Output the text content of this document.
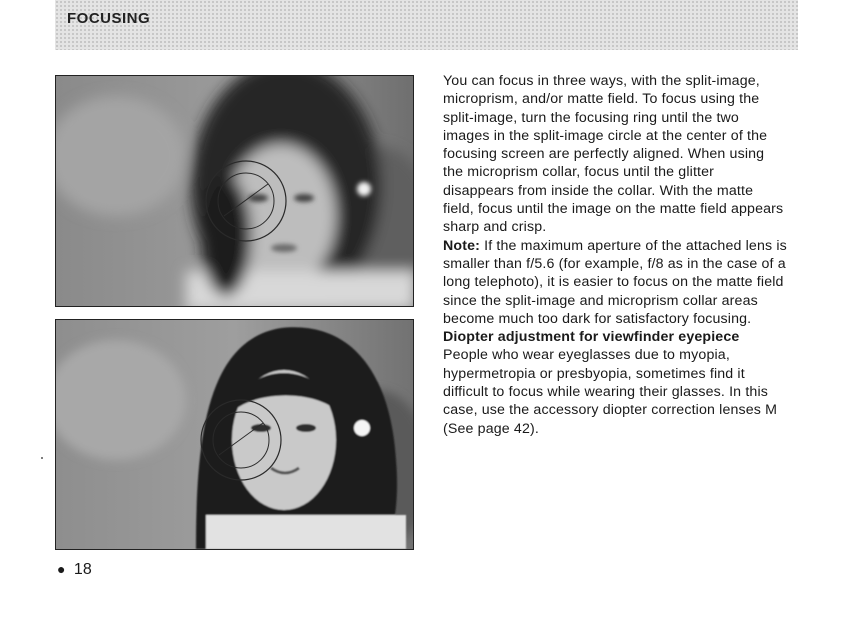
FOCUSING

You can focus in three ways, with the split-image, microprism, and/or matte field. To focus using the split-image, turn the focusing ring until the two images in the split-image circle at the center of the focusing screen are perfectly aligned. When using the microprism collar, focus until the glitter disappears from inside the collar. With the matte field, focus until the image on the matte field appears sharp and crisp.

Note: If the maximum aperture of the attached lens is smaller than f/5.6 (for example, f/8 as in the case of a long telephoto), it is easier to focus on the matte field since the split-image and microprism collar areas become much too dark for satisfactory focusing.

Diopter adjustment for viewfinder eyepiece

People who wear eyeglasses due to myopia, hypermetropia or presbyopia, sometimes find it difficult to focus while wearing their glasses. In this case, use the accessory diopter correction lenses M (See page 42).

● 18
